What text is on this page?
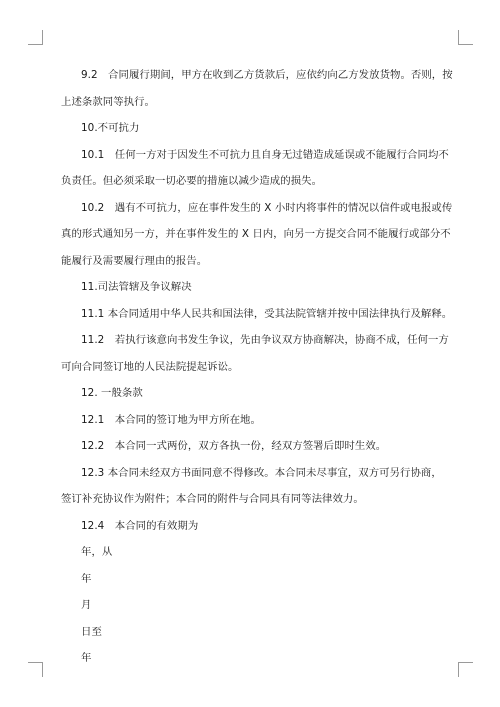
9.2　合同履行期间，甲方在收到乙方货款后，应依约向乙方发放货物。否则，按

上述条款同等执行。

10.不可抗力

10.1　任何一方对于因发生不可抗力且自身无过错造成延误或不能履行合同均不

负责任。但必须采取一切必要的措施以减少造成的损失。

10.2　遇有不可抗力，应在事件发生的 X 小时内将事件的情况以信件或电报或传

真的形式通知另一方，并在事件发生的 X 日内，向另一方提交合同不能履行或部分不

能履行及需要履行理由的报告。

11.司法管辖及争议解决

11.1 本合同适用中华人民共和国法律，受其法院管辖并按中国法律执行及解释。

11.2　若执行该意向书发生争议，先由争议双方协商解决，协商不成，任何一方

可向合同签订地的人民法院提起诉讼。

12. 一般条款

12.1　本合同的签订地为甲方所在地。

12.2　本合同一式两份，双方各执一份，经双方签署后即时生效。

12.3 本合同未经双方书面同意不得修改。本合同未尽事宜，双方可另行协商，

签订补充协议作为附件；本合同的附件与合同具有同等法律效力。

12.4　本合同的有效期为

年，从

年

月

日至

年
